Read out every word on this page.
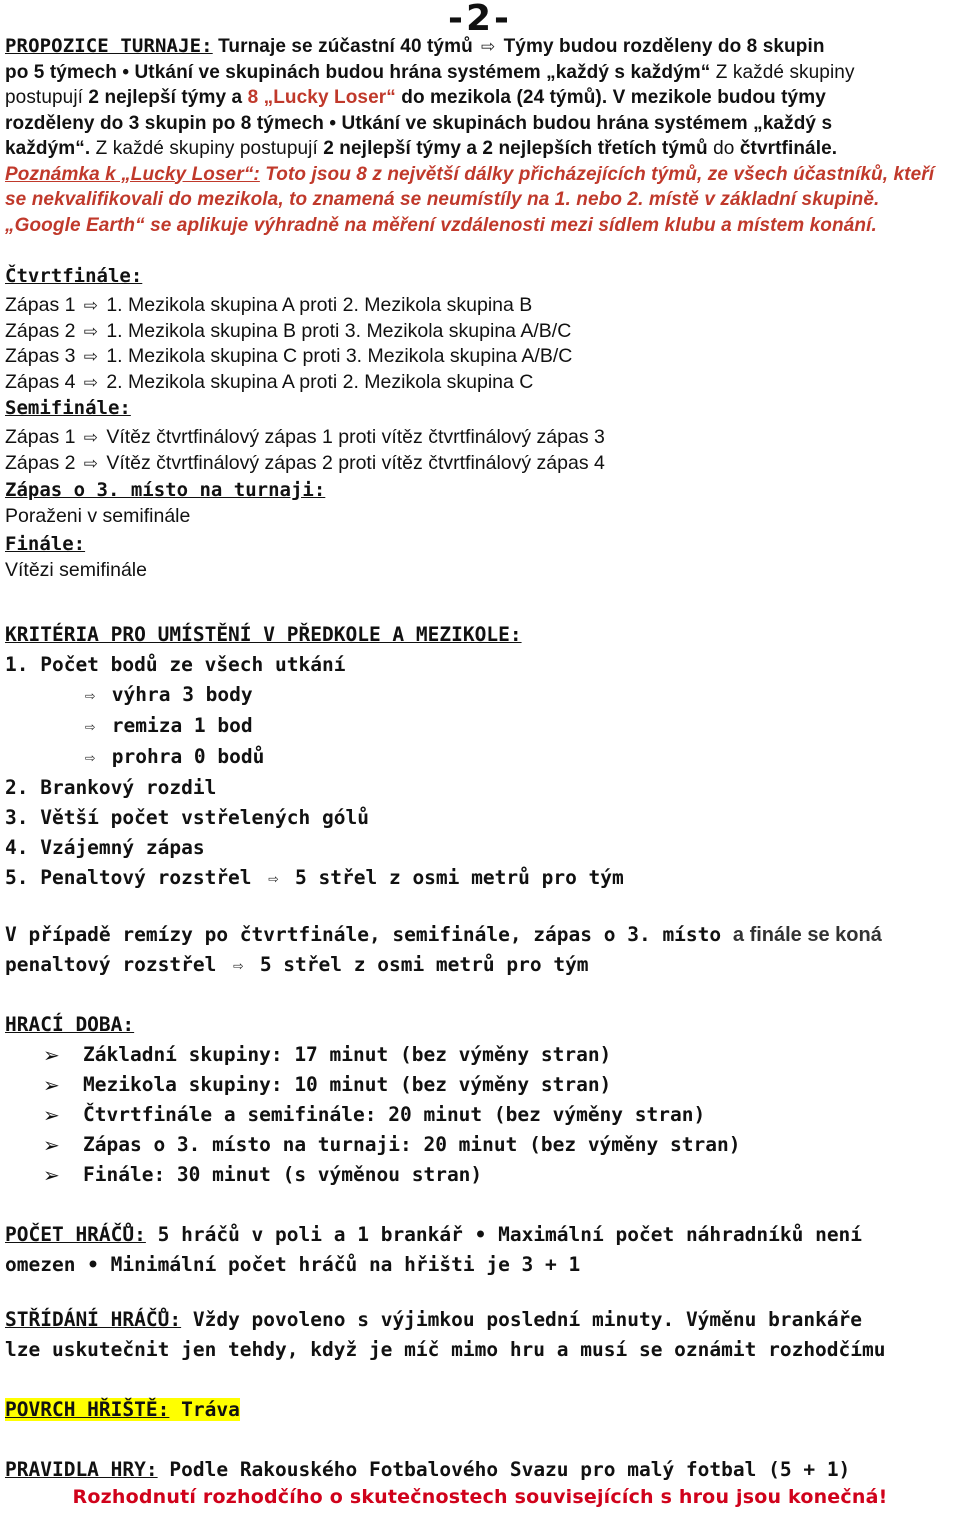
-2-
PROPOZICE TURNAJE: Turnaje se zúčastní 40 týmů ⇨ Týmy budou rozděleny do 8 skupin
po 5 týmech • Utkání ve skupinách budou hrána systémem „každý s každým“ Z každé skupiny
postupují 2 nejlepší týmy a 8 „Lucky Loser“ do mezikola (24 týmů). V mezikole budou týmy
rozděleny do 3 skupin po 8 týmech • Utkání ve skupinách budou hrána systémem „každý s
každým“. Z každé skupiny postupují 2 nejlepší týmy a 2 nejlepších třetích týmů do čtvrtfinále.
Poznámka k „Lucky Loser“: Toto jsou 8 z největší dálky přicházejících týmů, ze všech účastníků, kteří se nekvalifikovali do mezikola, to znamená se neumístíly na 1. nebo 2. místě v základní skupině. „Google Earth“ se aplikuje výhradně na měření vzdálenosti mezi sídlem klubu a místem konání.
Čtvrtfinále:
Zápas 1 ⇨ 1. Mezikola skupina A proti 2. Mezikola skupina B
Zápas 2 ⇨ 1. Mezikola skupina B proti 3. Mezikola skupina A/B/C
Zápas 3 ⇨ 1. Mezikola skupina C proti 3. Mezikola skupina A/B/C
Zápas 4 ⇨ 2. Mezikola skupina A proti 2. Mezikola skupina C
Semifinále:
Zápas 1 ⇨ Vítěz čtvrtfinálový zápas 1 proti vítěz čtvrtfinálový zápas 3
Zápas 2 ⇨ Vítěz čtvrtfinálový zápas 2 proti vítěz čtvrtfinálový zápas 4
Zápas o 3. místo na turnaji:
Poraženi v semifinále
Finále:
Vítězi semifinále
KRITÉRIA PRO UMÍSTĚNÍ V PŘEDKOLE A MEZIKOLE:
1. Počet bodů ze všech utkání
⇨ výhra 3 body
⇨ remiza 1 bod
⇨ prohra 0 bodů
2. Brankový rozdil
3. Větší počet vstřelených gólů
4. Vzájemný zápas
5. Penaltový rozstřel ⇨ 5 střel z osmi metrů pro tým
V případě remízy po čtvrtfinále, semifinále, zápas o 3. místo a finále se koná
penaltový rozstřel ⇨ 5 střel z osmi metrů pro tým
HRACÍ DOBA:
➢	Základní skupiny: 17 minut (bez výměny stran)
➢	Mezikola skupiny: 10 minut (bez výměny stran)
➢	Čtvrtfinále a semifinále: 20 minut (bez výměny stran)
➢	Zápas o 3. místo na turnaji: 20 minut (bez výměny stran)
➢	Finále: 30 minut (s výměnou stran)
POČET HRÁČŮ: 5 hráčů v poli a 1 brankář • Maximální počet náhradníků není
omezen • Minimální počet hráčů na hřišti je 3 + 1
STŘÍDÁNÍ HRÁČŮ: Vždy povoleno s výjimkou poslední minuty. Výměnu brankáře
lze uskutečnit jen tehdy, když je míč mimo hru a musí se oznámit rozhodčímu
POVRCH HŘIŠTĚ: Tráva
PRAVIDLA HRY: Podle Rakouského Fotbalového Svazu pro malý fotbal (5 + 1)
Rozhodnutí rozhodčího o skutečnostech souvisejících s hrou jsou konečná!
